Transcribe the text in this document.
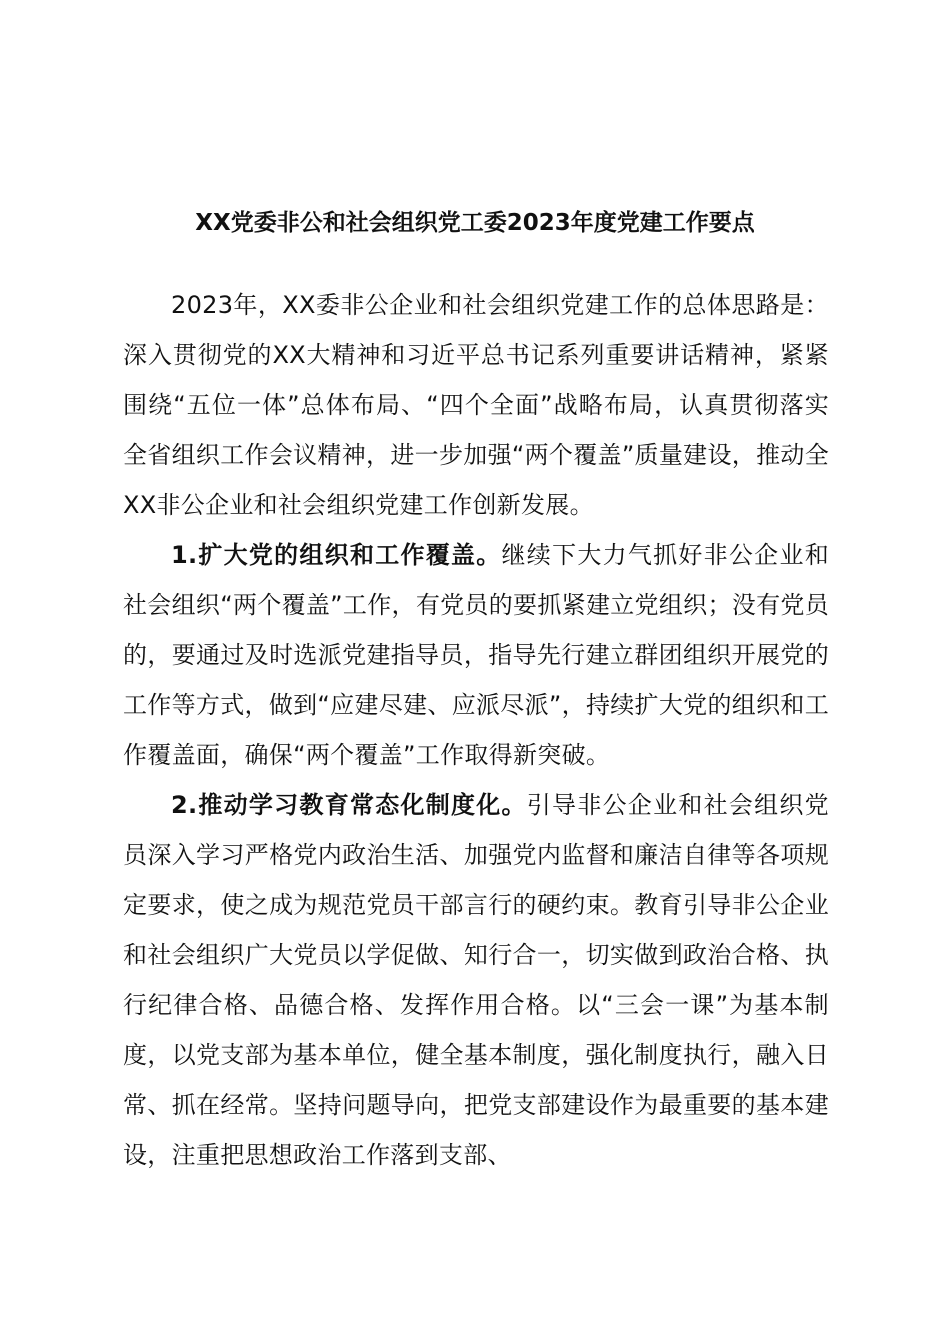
XX党委非公和社会组织党工委2023年度党建工作要点

2023年，XX委非公企业和社会组织党建工作的总体思路是：深入贯彻党的XX大精神和习近平总书记系列重要讲话精神，紧紧围绕“五位一体”总体布局、“四个全面”战略布局，认真贯彻落实全省组织工作会议精神，进一步加强“两个覆盖”质量建设，推动全XX非公企业和社会组织党建工作创新发展。

1.扩大党的组织和工作覆盖。继续下大力气抓好非公企业和社会组织“两个覆盖”工作，有党员的要抓紧建立党组织；没有党员的，要通过及时选派党建指导员，指导先行建立群团组织开展党的工作等方式，做到“应建尽建、应派尽派”，持续扩大党的组织和工作覆盖面，确保“两个覆盖”工作取得新突破。

2.推动学习教育常态化制度化。引导非公企业和社会组织党员深入学习严格党内政治生活、加强党内监督和廉洁自律等各项规定要求，使之成为规范党员干部言行的硬约束。教育引导非公企业和社会组织广大党员以学促做、知行合一，切实做到政治合格、执行纪律合格、品德合格、发挥作用合格。以“三会一课”为基本制度，以党支部为基本单位，健全基本制度，强化制度执行，融入日常、抓在经常。坚持问题导向，把党支部建设作为最重要的基本建设，注重把思想政治工作落到支部、
